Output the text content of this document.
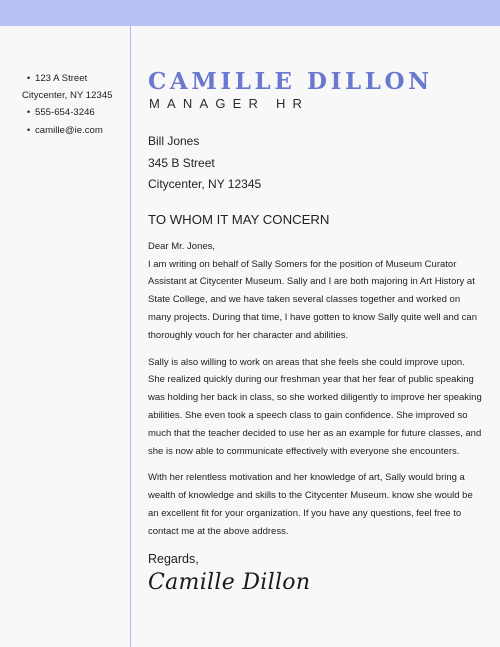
• 123 A Street
Citycenter, NY 12345
• 555-654-3246
• camille@ie.com
CAMILLE DILLON
MANAGER HR
Bill Jones
345 B Street
Citycenter, NY 12345
TO WHOM IT MAY CONCERN
Dear Mr. Jones,

I am writing on behalf of Sally Somers for the position of Museum Curator Assistant at Citycenter Museum. Sally and I are both majoring in Art History at State College, and we have taken several classes together and worked on many projects. During that time, I have gotten to know Sally quite well and can thoroughly vouch for her character and abilities.

Sally is also willing to work on areas that she feels she could improve upon. She realized quickly during our freshman year that her fear of public speaking was holding her back in class, so she worked diligently to improve her speaking abilities. She even took a speech class to gain confidence. She improved so much that the teacher decided to use her as an example for future classes, and she is now able to communicate effectively with everyone she encounters.

With her relentless motivation and her knowledge of art, Sally would bring a wealth of knowledge and skills to the Citycenter Museum. know she would be an excellent fit for your organization. If you have any questions, feel free to contact me at the above address.

Regards,
Camille Dillon
